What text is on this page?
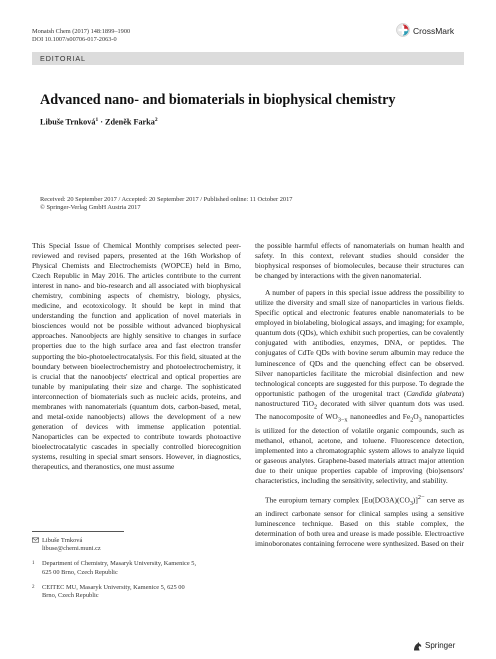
Monatsh Chem (2017) 148:1899–1900
DOI 10.1007/s00706-017-2063-0
CrossMark
EDITORIAL
Advanced nano- and biomaterials in biophysical chemistry
Libuše Trnková$^1$ · Zdeněk Farka$^2$
Received: 20 September 2017 / Accepted: 20 September 2017 / Published online: 11 October 2017
© Springer-Verlag GmbH Austria 2017

This Special Issue of Chemical Monthly comprises selected peer-reviewed and revised papers, presented at the 16th Workshop of Physical Chemists and Electrochemists (WOPCE) held in Brno, Czech Republic in May 2016. The articles contribute to the current interest in nano- and bio-research and all associated with biophysical chemistry, combining aspects of chemistry, biology, physics, medicine, and ecotoxicology. It should be kept in mind that understanding the function and application of novel materials in biosciences would not be possible without advanced biophysical approaches. Nanoobjects are highly sensitive to changes in surface properties due to the high surface area and fast electron transfer supporting the bio-photoelectrocatalysis. For this field, situated at the boundary between bioelectrochemistry and photoelectrochemistry, it is crucial that the nanoobjects' electrical and optical properties are tunable by manipulating their size and charge. The sophisticated interconnection of biomaterials such as nucleic acids, proteins, and membranes with nanomaterials (quantum dots, carbon-based, metal, and metal-oxide nanoobjects) allows the development of a new generation of devices with immense application potential. Nanoparticles can be expected to contribute towards photoactive bioelectrocatalytic cascades in specially controlled biorecognition systems, resulting in special smart sensors. However, in diagnostics, therapeutics, and theranostics, one must assume

the possible harmful effects of nanomaterials on human health and safety. In this context, relevant studies should consider the biophysical responses of biomolecules, because their structures can be changed by interactions with the given nanomaterial.

A number of papers in this special issue address the possibility to utilize the diversity and small size of nanoparticles in various fields. Specific optical and electronic features enable nanomaterials to be employed in biolabeling, biological assays, and imaging; for example, quantum dots (QDs), which exhibit such properties, can be covalently conjugated with antibodies, enzymes, DNA, or peptides. The conjugates of CdTe QDs with bovine serum albumin may reduce the luminescence of QDs and the quenching effect can be observed. Silver nanoparticles facilitate the microbial disinfection and new technological concepts are suggested for this purpose. To degrade the opportunistic pathogen of the urogenital tract (Candida glabrata) nanostructured TiO$_2$ decorated with silver quantum dots was used. The nanocomposite of $WO_{3-x}$ nanoneedles and $Fe_2O_3$ nanoparticles is utilized for the detection of volatile organic compounds, such as methanol, ethanol, acetone, and toluene. Fluorescence detection, implemented into a chromatographic system allows to analyze liquid or gaseous analytes. Graphene-based materials attract major attention due to their unique properties capable of improving (bio)sensors' characteristics, including the sensitivity, selectivity, and stability.

The europium ternary complex $[Eu(DO3A)(CO_3)]^{2-}$ can serve as an indirect carbonate sensor for clinical samples using a sensitive luminescence technique. Based on this stable complex, the determination of both urea and urease is made possible. Electroactive iminoboronates containing ferrocene were synthesized. Based on their

Libuše Trnková
libuse@chemi.muni.cz
1 Department of Chemistry, Masaryk University, Kamenice 5,
625 00 Brno, Czech Republic
2 CEITEC MU, Masaryk University, Kamenice 5, 625 00
Brno, Czech Republic
Springer
